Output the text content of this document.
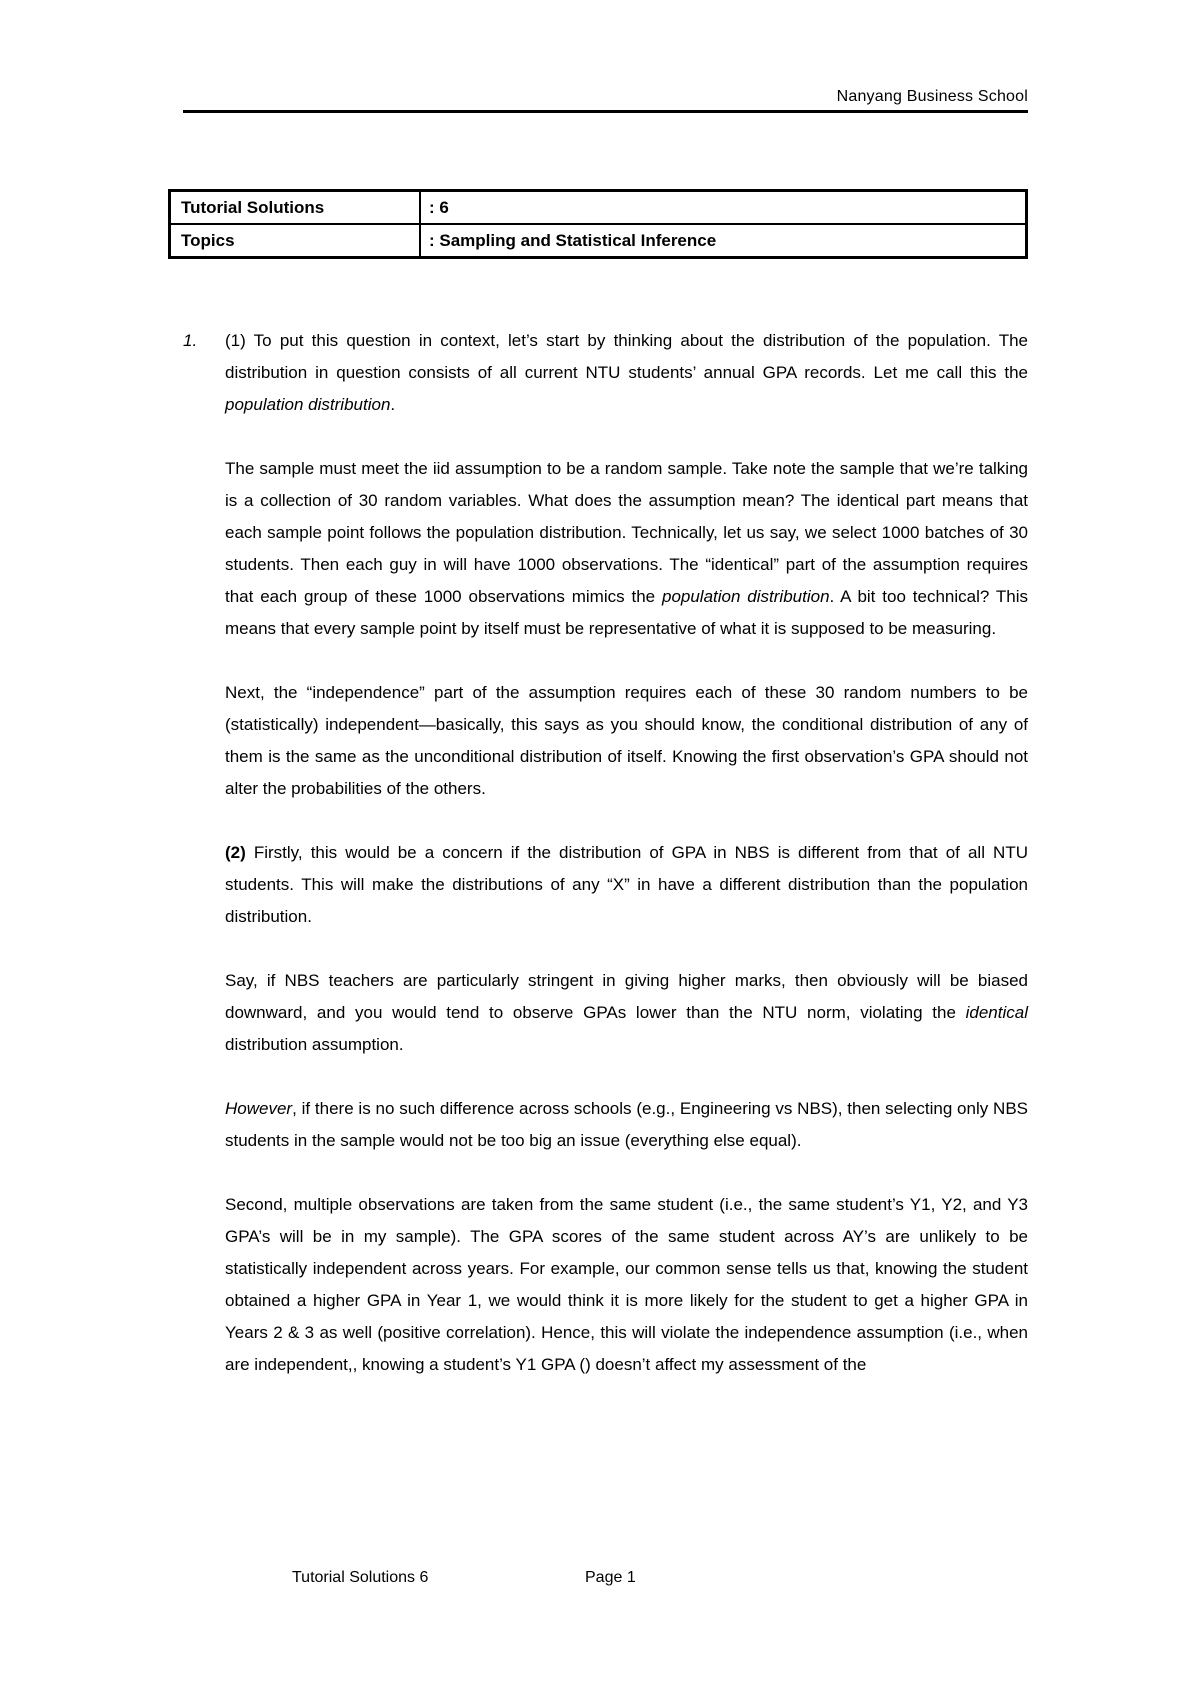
Nanyang Business School
Tutorial Solutions	: 6
Topics	: Sampling and Statistical Inference
1.	(1) To put this question in context, let’s start by thinking about the distribution of the population. The distribution in question consists of all current NTU students’ annual GPA records. Let me call this the population distribution.

The sample must meet the iid assumption to be a random sample. Take note the sample that we’re talking is a collection of 30 random variables. What does the assumption mean? The identical part means that each sample point follows the population distribution. Technically, let us say, we select 1000 batches of 30 students. Then each guy in will have 1000 observations. The “identical” part of the assumption requires that each group of these 1000 observations mimics the population distribution. A bit too technical? This means that every sample point by itself must be representative of what it is supposed to be measuring.

Next, the “independence” part of the assumption requires each of these 30 random numbers to be (statistically) independent—basically, this says as you should know, the conditional distribution of any of them is the same as the unconditional distribution of itself. Knowing the first observation’s GPA should not alter the probabilities of the others.

(2) Firstly, this would be a concern if the distribution of GPA in NBS is different from that of all NTU students. This will make the distributions of any “X” in have a different distribution than the population distribution.

Say, if NBS teachers are particularly stringent in giving higher marks, then obviously will be biased downward, and you would tend to observe GPAs lower than the NTU norm, violating the identical distribution assumption.

However, if there is no such difference across schools (e.g., Engineering vs NBS), then selecting only NBS students in the sample would not be too big an issue (everything else equal).

Second, multiple observations are taken from the same student (i.e., the same student’s Y1, Y2, and Y3 GPA’s will be in my sample). The GPA scores of the same student across AY’s are unlikely to be statistically independent across years. For example, our common sense tells us that, knowing the student obtained a higher GPA in Year 1, we would think it is more likely for the student to get a higher GPA in Years 2 & 3 as well (positive correlation). Hence, this will violate the independence assumption (i.e., when are independent,, knowing a student’s Y1 GPA () doesn’t affect my assessment of the

Tutorial Solutions 6	Page 1
